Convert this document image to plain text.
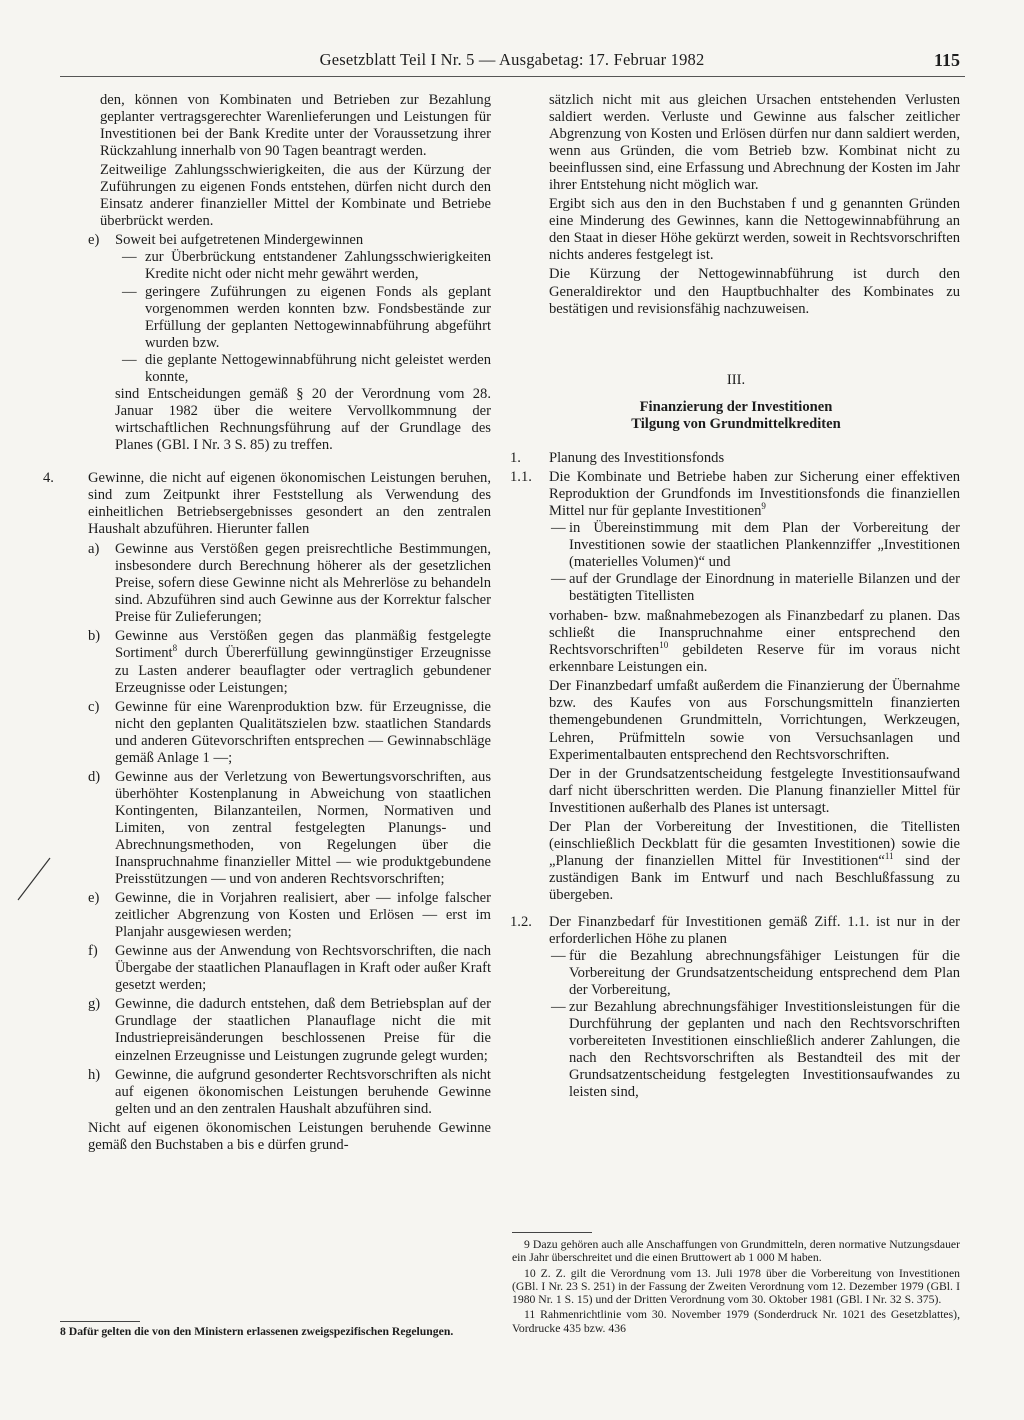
Gesetzblatt Teil I Nr. 5 — Ausgabetag: 17. Februar 1982	115

den, können von Kombinaten und Betrieben zur Bezahlung geplanter vertragsgerechter Warenlieferungen und Leistungen für Investitionen bei der Bank Kredite unter der Voraussetzung ihrer Rückzahlung innerhalb von 90 Tagen beantragt werden.

Zeitweilige Zahlungsschwierigkeiten, die aus der Kürzung der Zuführungen zu eigenen Fonds entstehen, dürfen nicht durch den Einsatz anderer finanzieller Mittel der Kombinate und Betriebe überbrückt werden.

e) Soweit bei aufgetretenen Mindergewinnen
— zur Überbrückung entstandener Zahlungsschwierigkeiten Kredite nicht oder nicht mehr gewährt werden,
— geringere Zuführungen zu eigenen Fonds als geplant vorgenommen werden konnten bzw. Fondsbestände zur Erfüllung der geplanten Nettogewinnabführung abgeführt wurden bzw.
— die geplante Nettogewinnabführung nicht geleistet werden konnte,

sind Entscheidungen gemäß § 20 der Verordnung vom 28. Januar 1982 über die weitere Vervollkommnung der wirtschaftlichen Rechnungsführung auf der Grundlage des Planes (GBl. I Nr. 3 S. 85) zu treffen.

4. Gewinne, die nicht auf eigenen ökonomischen Leistungen beruhen, sind zum Zeitpunkt ihrer Feststellung als Verwendung des einheitlichen Betriebsergebnisses gesondert an den zentralen Haushalt abzuführen. Hierunter fallen
a) Gewinne aus Verstößen gegen preisrechtliche Bestimmungen, insbesondere durch Berechnung höherer als der gesetzlichen Preise, sofern diese Gewinne nicht als Mehrerlöse zu behandeln sind. Abzuführen sind auch Gewinne aus der Korrektur falscher Preise für Zulieferungen;
b) Gewinne aus Verstößen gegen das planmäßig festgelegte Sortiment$^8$ durch Übererfüllung gewinngünstiger Erzeugnisse zu Lasten anderer beauflagter oder vertraglich gebundener Erzeugnisse oder Leistungen;
c) Gewinne für eine Warenproduktion bzw. für Erzeugnisse, die nicht den geplanten Qualitätszielen bzw. staatlichen Standards und anderen Gütevorschriften entsprechen — Gewinnabschläge gemäß Anlage 1 —;
d) Gewinne aus der Verletzung von Bewertungsvorschriften, aus überhöhter Kostenplanung in Abweichung von staatlichen Kontingenten, Bilanzanteilen, Normen, Normativen und Limiten, von zentral festgelegten Planungs- und Abrechnungsmethoden, von Regelungen über die Inanspruchnahme finanzieller Mittel — wie produktgebundene Preisstützungen — und von anderen Rechtsvorschriften;
e) Gewinne, die in Vorjahren realisiert, aber — infolge falscher zeitlicher Abgrenzung von Kosten und Erlösen — erst im Planjahr ausgewiesen werden;
f) Gewinne aus der Anwendung von Rechtsvorschriften, die nach Übergabe der staatlichen Planauflagen in Kraft oder außer Kraft gesetzt werden;
g) Gewinne, die dadurch entstehen, daß dem Betriebsplan auf der Grundlage der staatlichen Planauflage nicht die mit Industriepreisänderungen beschlossenen Preise für die einzelnen Erzeugnisse und Leistungen zugrunde gelegt wurden;
h) Gewinne, die aufgrund gesonderter Rechtsvorschriften als nicht auf eigenen ökonomischen Leistungen beruhende Gewinne gelten und an den zentralen Haushalt abzuführen sind.

Nicht auf eigenen ökonomischen Leistungen beruhende Gewinne gemäß den Buchstaben a bis e dürfen grund-

8 Dafür gelten die von den Ministern erlassenen zweigspezifischen Regelungen.

sätzlich nicht mit aus gleichen Ursachen entstehenden Verlusten saldiert werden. Verluste und Gewinne aus falscher zeitlicher Abgrenzung von Kosten und Erlösen dürfen nur dann saldiert werden, wenn aus Gründen, die vom Betrieb bzw. Kombinat nicht zu beeinflussen sind, eine Erfassung und Abrechnung der Kosten im Jahr ihrer Entstehung nicht möglich war.

Ergibt sich aus den in den Buchstaben f und g genannten Gründen eine Minderung des Gewinnes, kann die Nettogewinnabführung an den Staat in dieser Höhe gekürzt werden, soweit in Rechtsvorschriften nichts anderes festgelegt ist.

Die Kürzung der Nettogewinnabführung ist durch den Generaldirektor und den Hauptbuchhalter des Kombinates zu bestätigen und revisionsfähig nachzuweisen.

III.

Finanzierung der Investitionen

Tilgung von Grundmittelkrediten

1. Planung des Investitionsfonds
1.1. Die Kombinate und Betriebe haben zur Sicherung einer effektiven Reproduktion der Grundfonds im Investitionsfonds die finanziellen Mittel nur für geplante Investitionen$^9$
— in Übereinstimmung mit dem Plan der Vorbereitung der Investitionen sowie der staatlichen Plankennziffer „Investitionen (materielles Volumen)“ und
— auf der Grundlage der Einordnung in materielle Bilanzen und der bestätigten Titellisten

vorhaben- bzw. maßnahmebezogen als Finanzbedarf zu planen. Das schließt die Inanspruchnahme einer entsprechend den Rechtsvorschriften$^{10}$ gebildeten Reserve für im voraus nicht erkennbare Leistungen ein.

Der Finanzbedarf umfaßt außerdem die Finanzierung der Übernahme bzw. des Kaufes von aus Forschungsmitteln finanzierten themengebundenen Grundmitteln, Vorrichtungen, Werkzeugen, Lehren, Prüfmitteln sowie von Versuchsanlagen und Experimentalbauten entsprechend den Rechtsvorschriften.

Der in der Grundsatzentscheidung festgelegte Investitionsaufwand darf nicht überschritten werden. Die Planung finanzieller Mittel für Investitionen außerhalb des Planes ist untersagt.

Der Plan der Vorbereitung der Investitionen, die Titellisten (einschließlich Deckblatt für die gesamten Investitionen) sowie die „Planung der finanziellen Mittel für Investitionen“$^{11}$ sind der zuständigen Bank im Entwurf und nach Beschlußfassung zu übergeben.

1.2. Der Finanzbedarf für Investitionen gemäß Ziff. 1.1. ist nur in der erforderlichen Höhe zu planen
— für die Bezahlung abrechnungsfähiger Leistungen für die Vorbereitung der Grundsatzentscheidung entsprechend dem Plan der Vorbereitung,
— zur Bezahlung abrechnungsfähiger Investitionsleistungen für die Durchführung der geplanten und nach den Rechtsvorschriften vorbereiteten Investitionen einschließlich anderer Zahlungen, die nach den Rechtsvorschriften als Bestandteil des mit der Grundsatzentscheidung festgelegten Investitionsaufwandes zu leisten sind,

9 Dazu gehören auch alle Anschaffungen von Grundmitteln, deren normative Nutzungsdauer ein Jahr überschreitet und die einen Bruttowert ab 1 000 M haben.

10 Z. Z. gilt die Verordnung vom 13. Juli 1978 über die Vorbereitung von Investitionen (GBl. I Nr. 23 S. 251) in der Fassung der Zweiten Verordnung vom 12. Dezember 1979 (GBl. I 1980 Nr. 1 S. 15) und der Dritten Verordnung vom 30. Oktober 1981 (GBl. I Nr. 32 S. 375).

11 Rahmenrichtlinie vom 30. November 1979 (Sonderdruck Nr. 1021 des Gesetzblattes), Vordrucke 435 bzw. 436
